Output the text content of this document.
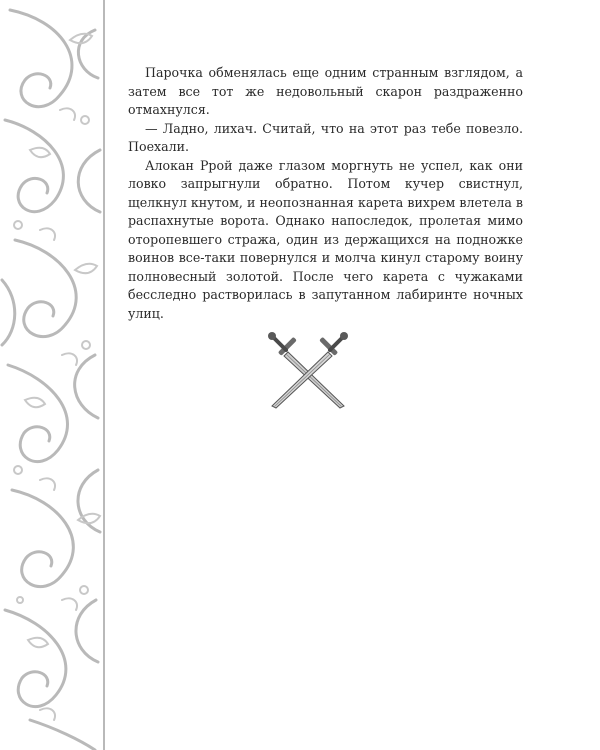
Парочка обменялась еще одним странным взглядом, а затем все тот же недовольный скарон раздраженно отмахнулся.

— Ладно, лихач. Считай, что на этот раз тебе повезло. Поехали.

Алокан Ррой даже глазом моргнуть не успел, как они ловко запрыгнули обратно. Потом кучер свистнул, щелкнул кнутом, и неопознанная карета вихрем влетела в распахнутые ворота. Однако напоследок, пролетая мимо оторопевшего стража, один из держащихся на подножке воинов все-таки повернулся и молча кинул старому воину полновесный золотой. После чего карета с чужаками бесследно растворилась в запутанном лабиринте ночных улиц.
